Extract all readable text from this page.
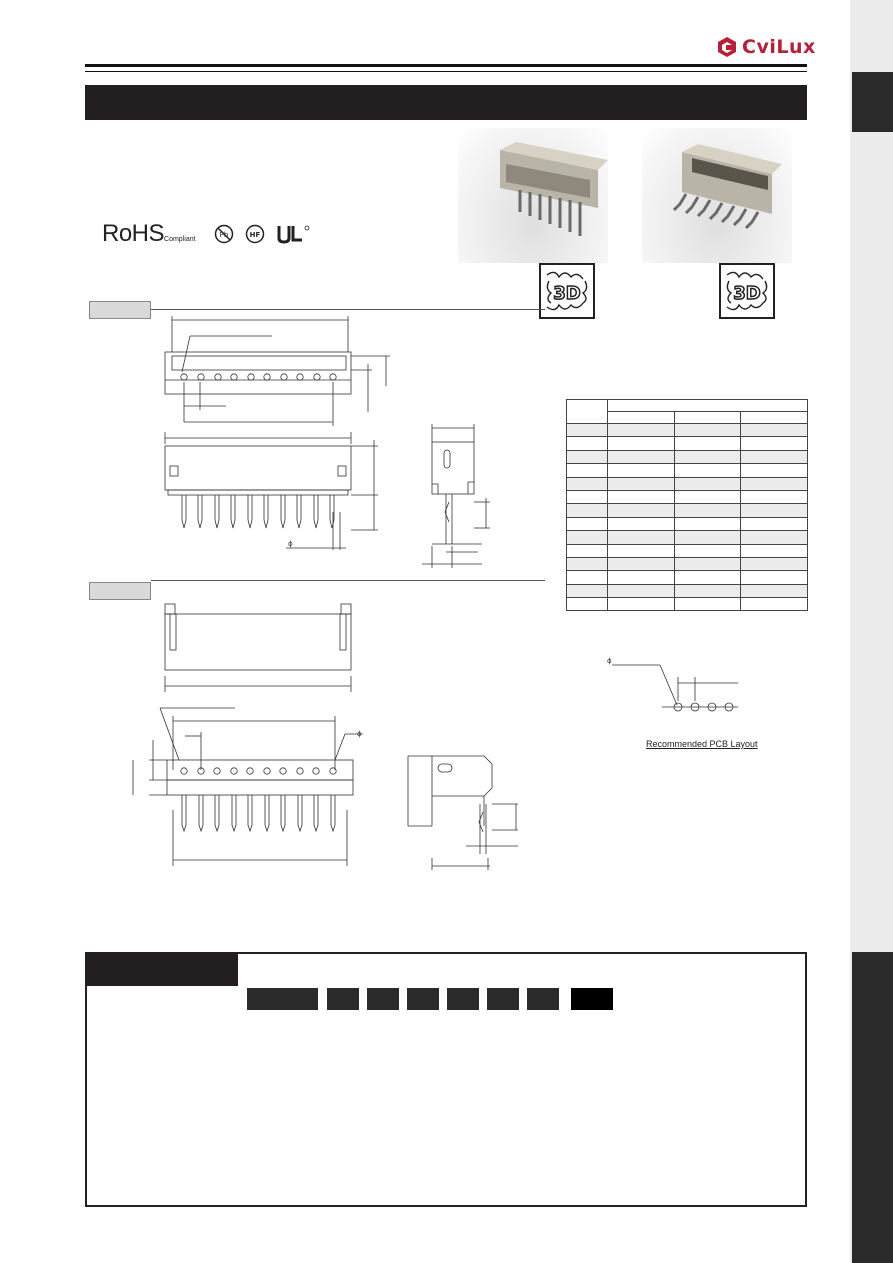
CviLux
RoHSCompliant
Pb	HF
3D	3D
ϕ
ϕ

ϕ
Recommended PCB Layout
